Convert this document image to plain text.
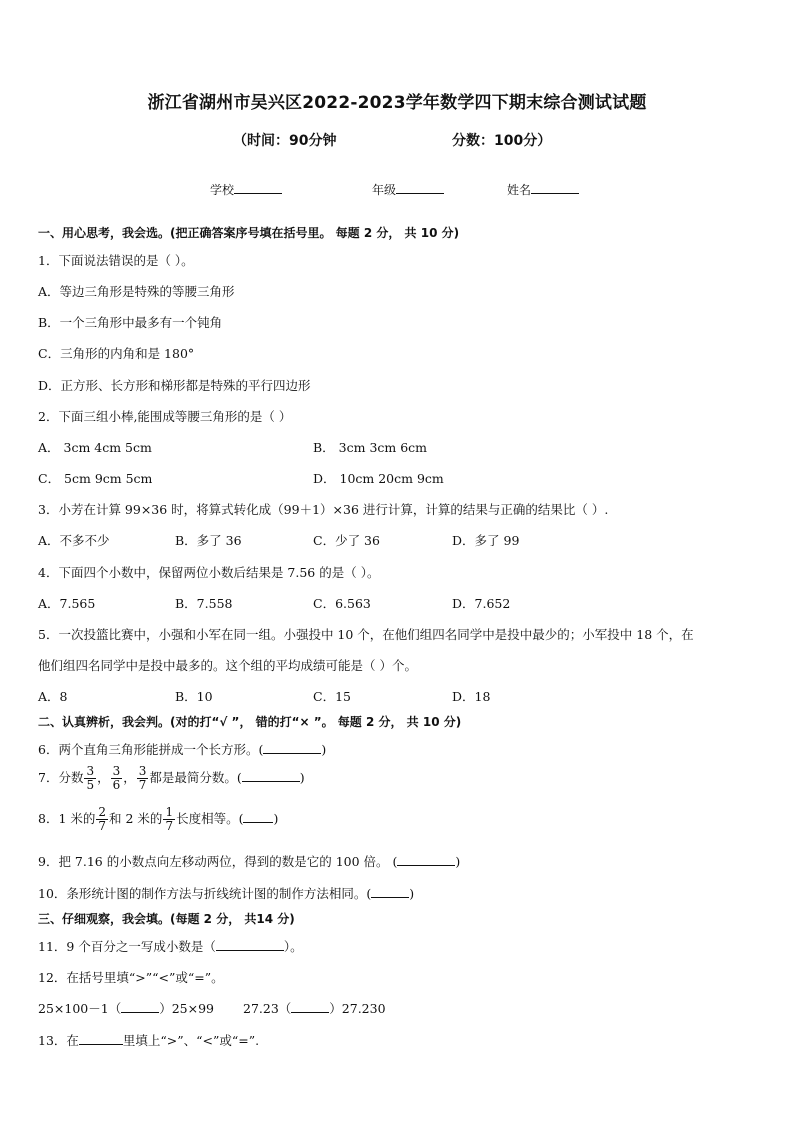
浙江省湖州市吴兴区2022-2023学年数学四下期末综合测试试题
（时间：90分钟	分数：100分）
学校	年级	姓名
一、用心思考，我会选。(把正确答案序号填在括号里。 每题 2 分， 共 10 分)
1．下面说法错误的是（ ）。
A．等边三角形是特殊的等腰三角形
B．一个三角形中最多有一个钝角
C．三角形的内角和是 180°
D．正方形、长方形和梯形都是特殊的平行四边形
2．下面三组小棒,能围成等腰三角形的是（ ）
A． 3cm 4cm 5cm	B． 3cm 3cm 6cm
C． 5cm 9cm 5cm	D． 10cm 20cm 9cm
3．小芳在计算 99×36 时，将算式转化成（99＋1）×36 进行计算，计算的结果与正确的结果比（ ）.
A．不多不少	B．多了 36	C．少了 36	D．多了 99
4．下面四个小数中，保留两位小数后结果是 7.56 的是（ ）。
A．7.565	B．7.558	C．6.563	D．7.652
5．一次投篮比赛中，小强和小军在同一组。小强投中 10 个，在他们组四名同学中是投中最少的；小军投中 18 个，在
他们组四名同学中是投中最多的。这个组的平均成绩可能是（ ）个。
A．8	B．10	C．15	D．18
二、认真辨析，我会判。(对的打“√ ”， 错的打“× ”。 每题 2 分， 共 10 分)
6．两个直角三角形能拼成一个长方形。(	)
7．分数 $\frac{3}{5}$ ， $\frac{3}{6}$ ， $\frac{3}{7}$ 都是最简分数。(	)
8．1 米的 $\frac{2}{7}$ 和 2 米的 $\frac{1}{7}$ 长度相等。( )
9．把 7.16 的小数点向左移动两位，得到的数是它的 100 倍。 (	)
10．条形统计图的制作方法与折线统计图的制作方法相同。(	)
三、仔细观察，我会填。(每题 2 分， 共14 分)
11．9 个百分之一写成小数是（	）。
12．在括号里填“>”“<”或“=”。
25×100－1（	）25×99 27.23（	）27.230
13．在	里填上“>”、“<”或“=”.
